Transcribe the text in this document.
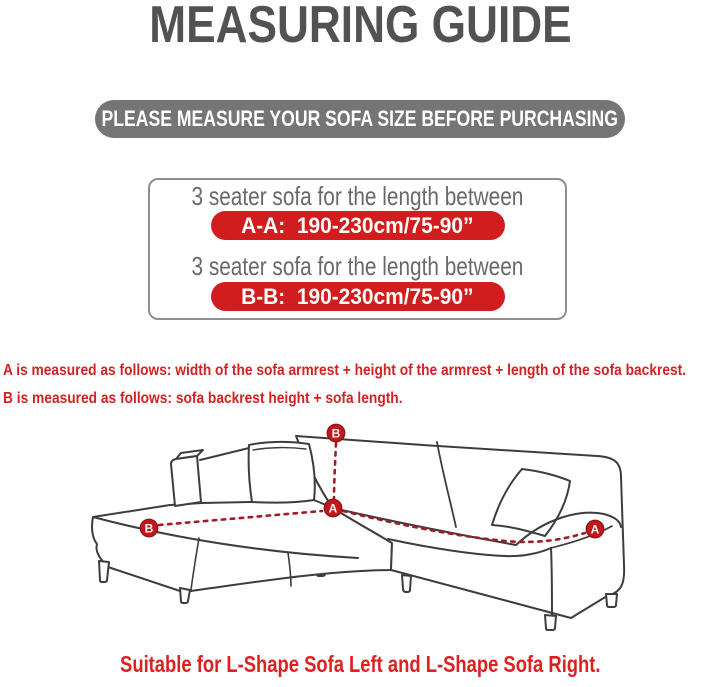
MEASURING GUIDE
PLEASE MEASURE YOUR SOFA SIZE BEFORE PURCHASING
3 seater sofa for the length between
A-A:  190-230cm/75-90”
3 seater sofa for the length between
B-B:  190-230cm/75-90”
A is measured as follows: width of the sofa armrest + height of the armrest + length of the sofa backrest.
B is measured as follows: sofa backrest height + sofa length.
B
A
B	A
Suitable for L-Shape Sofa Left and L-Shape Sofa Right.
